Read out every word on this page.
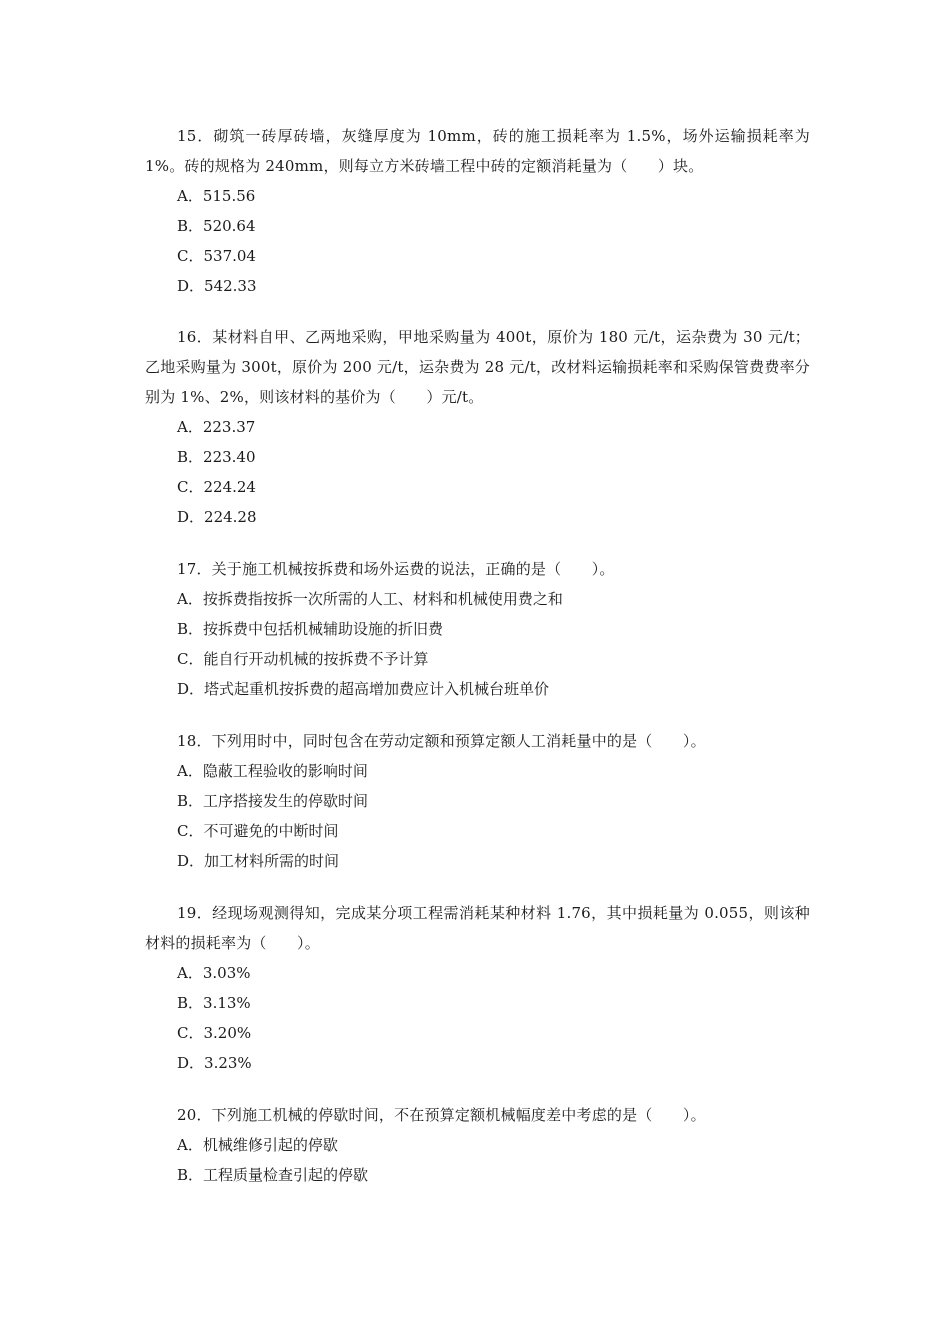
15．砌筑一砖厚砖墙，灰缝厚度为 10mm，砖的施工损耗率为 1.5%，场外运输损耗率为 1%。砖的规格为 240mm，则每立方米砖墙工程中砖的定额消耗量为（　　）块。

A．515.56

B．520.64

C．537.04

D．542.33

16．某材料自甲、乙两地采购，甲地采购量为 400t，原价为 180 元/t，运杂费为 30 元/t；乙地采购量为 300t，原价为 200 元/t，运杂费为 28 元/t，改材料运输损耗率和采购保管费费率分别为 1%、2%，则该材料的基价为（　　）元/t。

A．223.37

B．223.40

C．224.24

D．224.28

17．关于施工机械按拆费和场外运费的说法，正确的是（　　）。

A．按拆费指按拆一次所需的人工、材料和机械使用费之和

B．按拆费中包括机械辅助设施的折旧费

C．能自行开动机械的按拆费不予计算

D．塔式起重机按拆费的超高增加费应计入机械台班单价

18．下列用时中，同时包含在劳动定额和预算定额人工消耗量中的是（　　）。

A．隐蔽工程验收的影响时间

B．工序搭接发生的停歇时间

C．不可避免的中断时间

D．加工材料所需的时间

19．经现场观测得知，完成某分项工程需消耗某种材料 1.76，其中损耗量为 0.055，则该种材料的损耗率为（　　）。

A．3.03%

B．3.13%

C．3.20%

D．3.23%

20．下列施工机械的停歇时间，不在预算定额机械幅度差中考虑的是（　　）。

A．机械维修引起的停歇

B．工程质量检查引起的停歇
